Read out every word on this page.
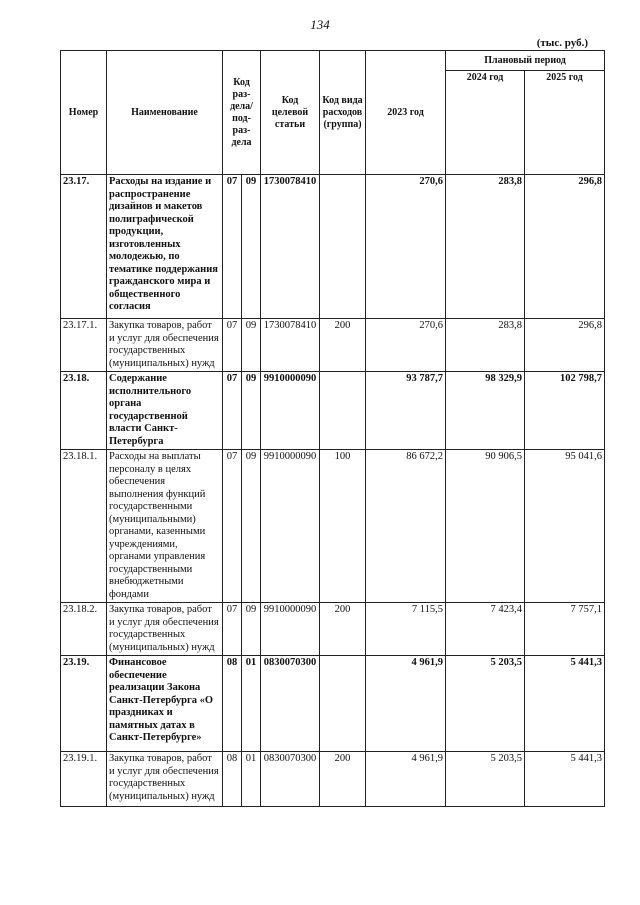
134
(тыс. руб.)
Номер	Наименование	Код раз-дела/ под-раз-дела		Код целевой статьи	Код вида расходов (группа)	2023 год	Плановый период	
							2024 год	2025 год
23.17.	Расходы на издание и распространение дизайнов и макетов полиграфической продукции, изготовленных молодежью, по тематике поддержания гражданского мира и общественного согласия	07	09	1730078410		270,6	283,8	296,8
23.17.1.	Закупка товаров, работ и услуг для обеспечения государственных (муниципальных) нужд	07	09	1730078410	200	270,6	283,8	296,8
23.18.	Содержание исполнительного органа государственной власти Санкт-Петербурга	07	09	9910000090		93 787,7	98 329,9	102 798,7
23.18.1.	Расходы на выплаты персоналу в целях обеспечения выполнения функций государственными (муниципальными) органами, казенными учреждениями, органами управления государственными внебюджетными фондами	07	09	9910000090	100	86 672,2	90 906,5	95 041,6
23.18.2.	Закупка товаров, работ и услуг для обеспечения государственных (муниципальных) нужд	07	09	9910000090	200	7 115,5	7 423,4	7 757,1
23.19.	Финансовое обеспечение реализации Закона Санкт-Петербурга «О праздниках и памятных датах в Санкт-Петербурге»	08	01	0830070300		4 961,9	5 203,5	5 441,3
23.19.1.	Закупка товаров, работ и услуг для обеспечения государственных (муниципальных) нужд	08	01	0830070300	200	4 961,9	5 203,5	5 441,3
